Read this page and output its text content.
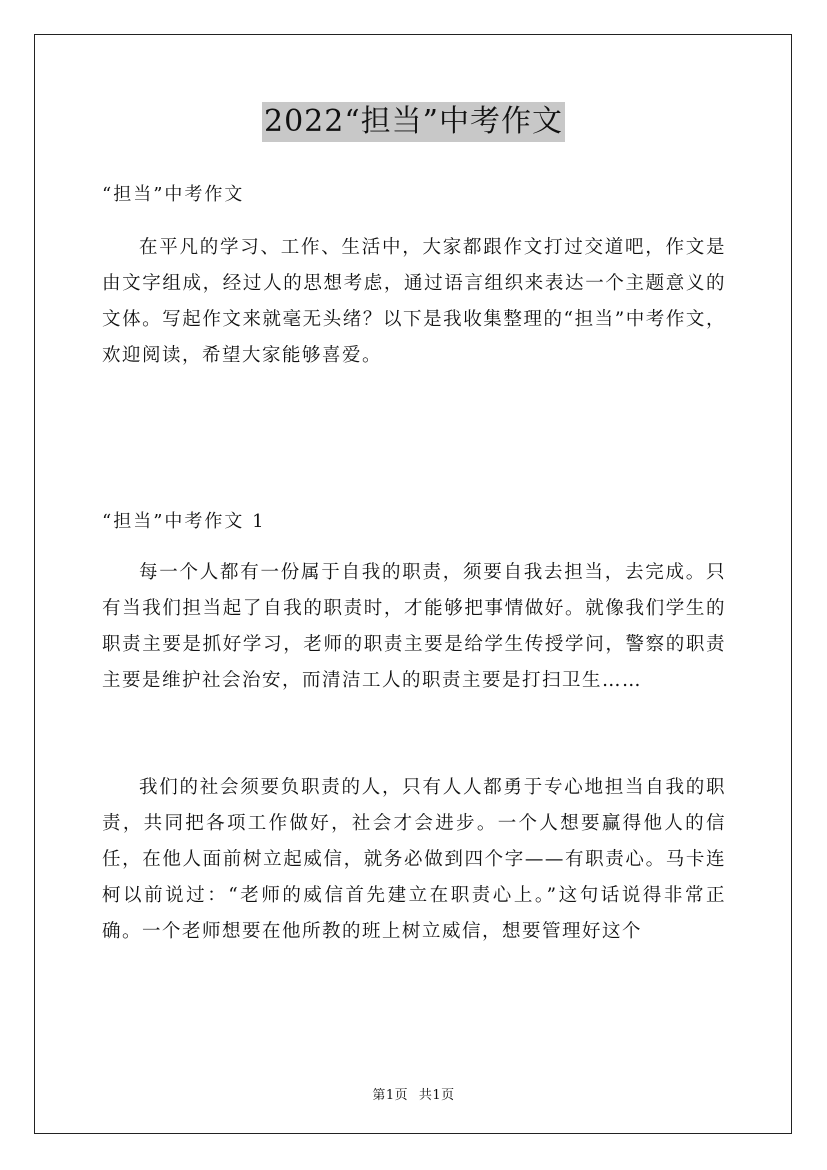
2022“担当”中考作文
“担当”中考作文
在平凡的学习、工作、生活中，大家都跟作文打过交道吧，作文是由文字组成，经过人的思想考虑，通过语言组织来表达一个主题意义的文体。写起作文来就毫无头绪？以下是我收集整理的“担当”中考作文，欢迎阅读，希望大家能够喜爱。
“担当”中考作文 1
每一个人都有一份属于自我的职责，须要自我去担当，去完成。只有当我们担当起了自我的职责时，才能够把事情做好。就像我们学生的职责主要是抓好学习，老师的职责主要是给学生传授学问，警察的职责主要是维护社会治安，而清洁工人的职责主要是打扫卫生……
我们的社会须要负职责的人，只有人人都勇于专心地担当自我的职责，共同把各项工作做好，社会才会进步。一个人想要赢得他人的信任，在他人面前树立起威信，就务必做到四个字——有职责心。马卡连柯以前说过：“老师的威信首先建立在职责心上。”这句话说得非常正确。一个老师想要在他所教的班上树立威信，想要管理好这个
第1页 共1页
